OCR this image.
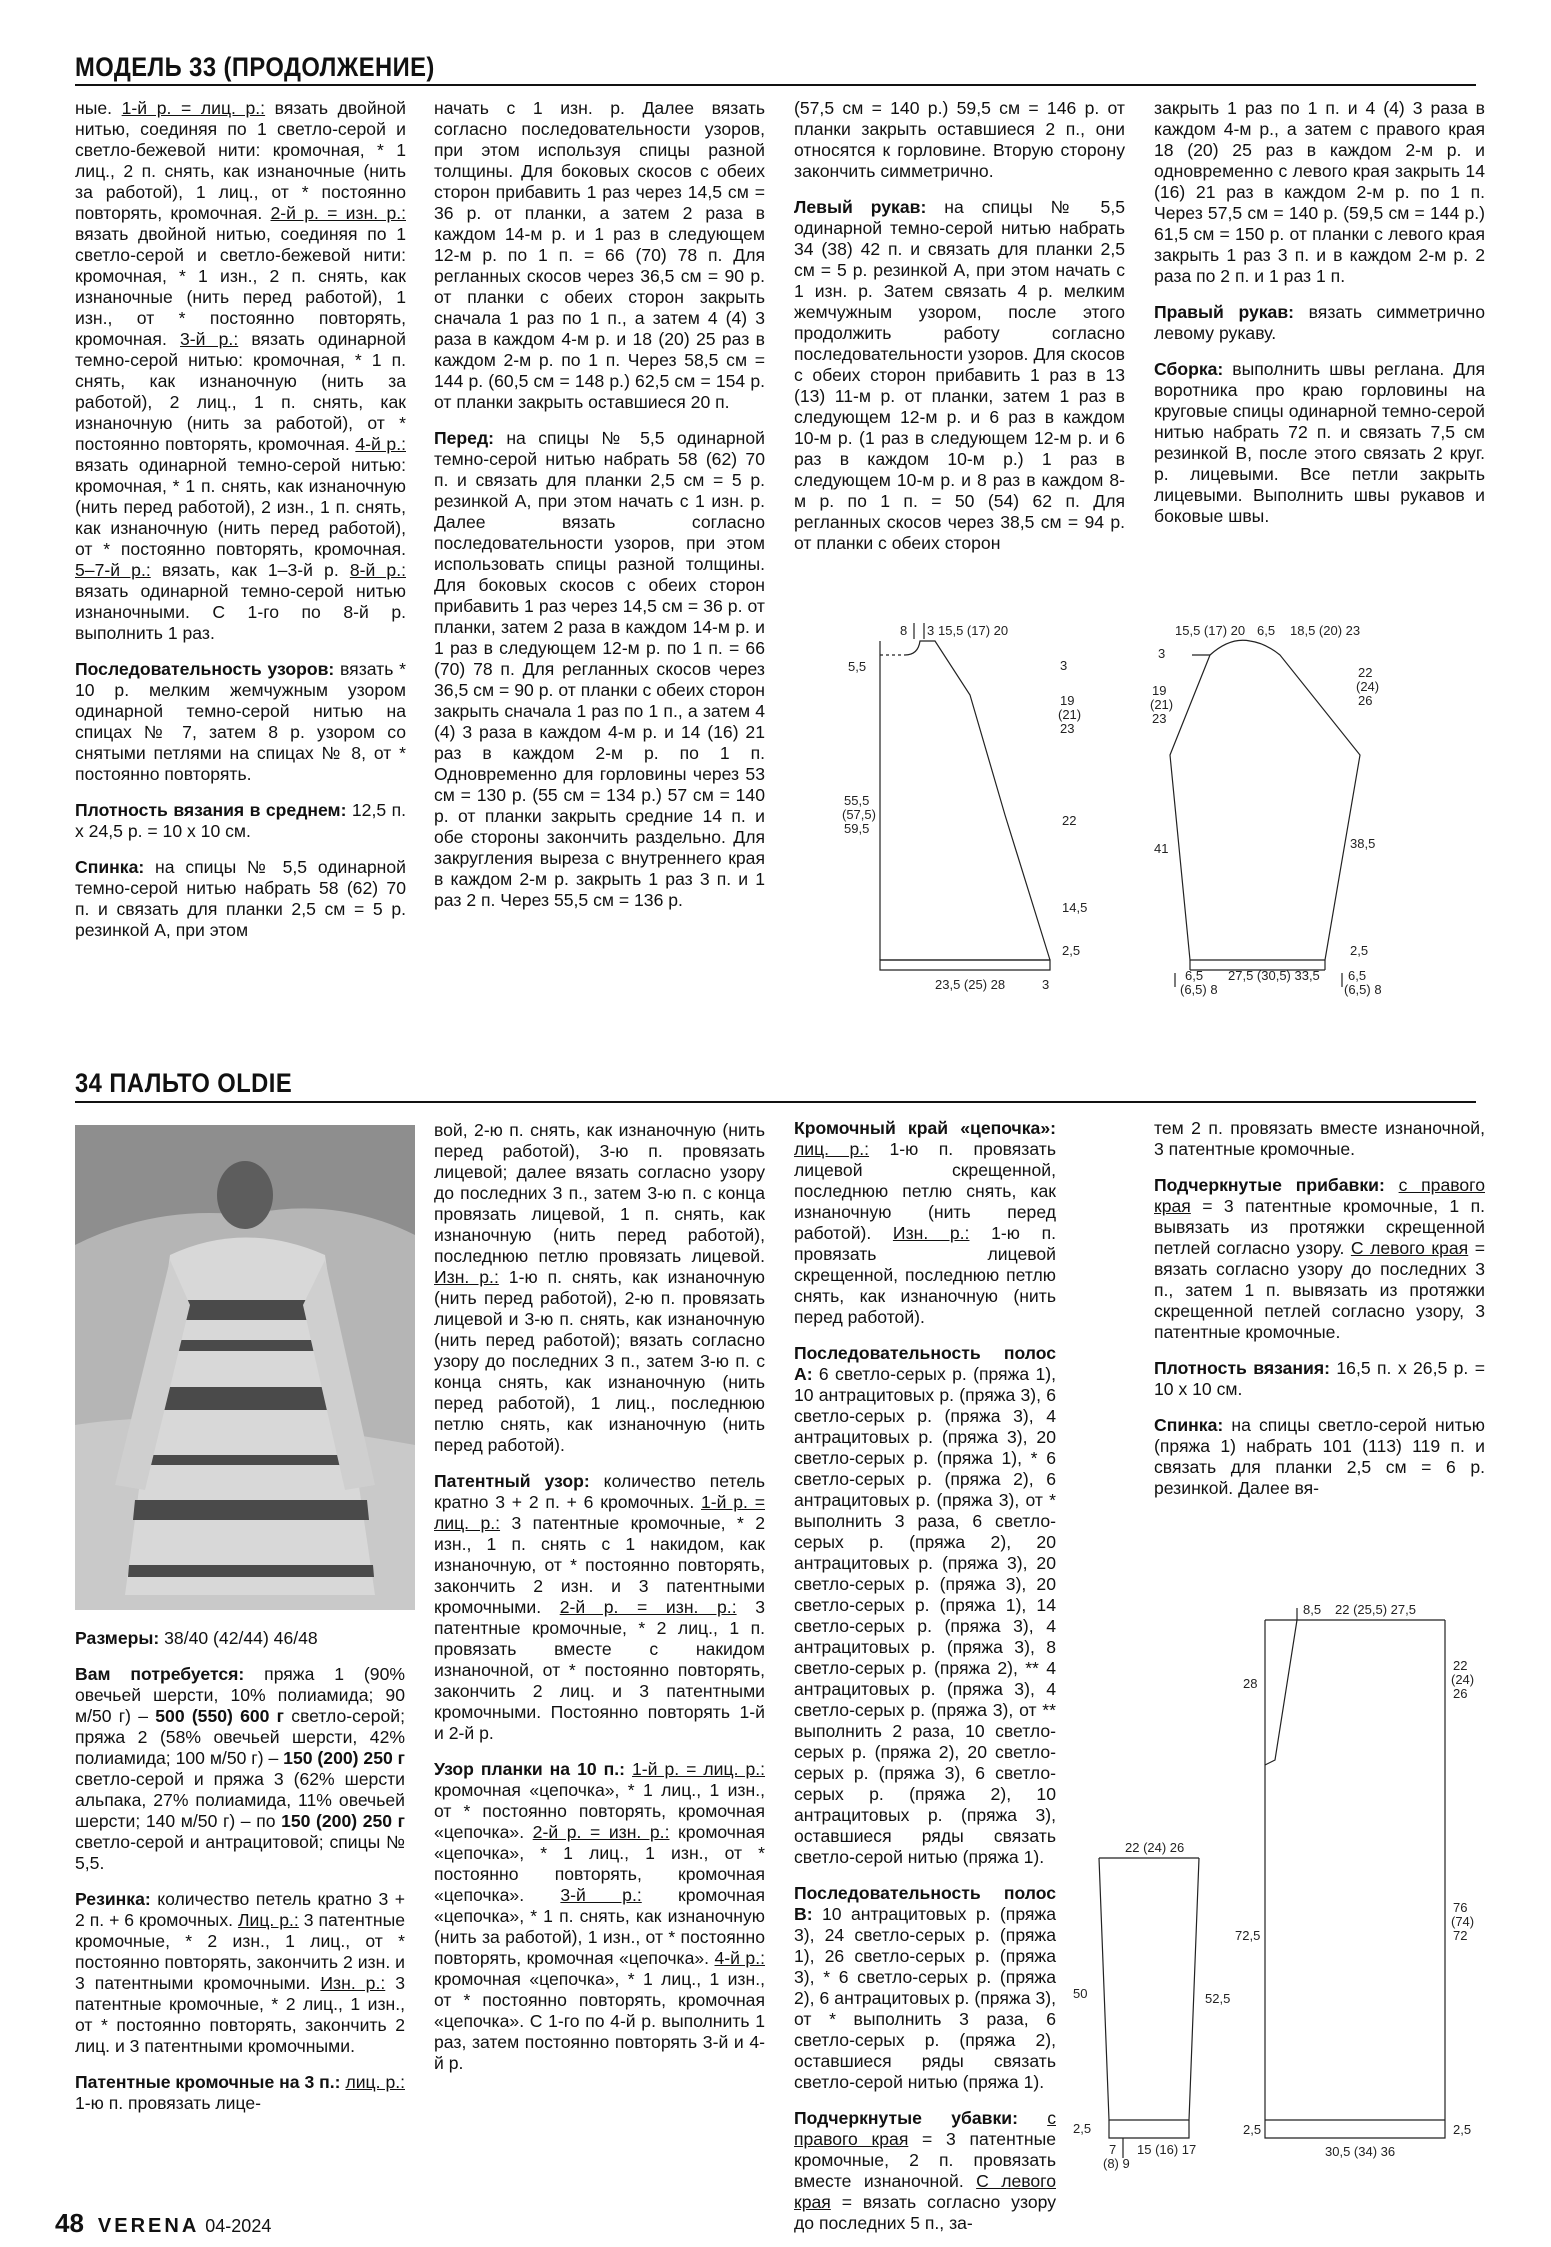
МОДЕЛЬ 33 (ПРОДОЛЖЕНИЕ)

ные. 1-й р. = лиц. р.: вязать двойной нитью, соединяя по 1 светло-серой и светло-бежевой нити: кромочная, * 1 лиц., 2 п. снять, как изнаночные (нить за работой), 1 лиц., от * постоянно повторять, кромочная. 2-й р. = изн. р.: вязать двойной нитью, соединяя по 1 светло-серой и светло-бежевой нити: кромочная, * 1 изн., 2 п. снять, как изнаночные (нить перед работой), 1 изн., от * постоянно повторять, кромочная. 3-й р.: вязать одинарной темно-серой нитью: кромочная, * 1 п. снять, как изнаночную (нить за работой), 2 лиц., 1 п. снять, как изнаночную (нить за работой), от * постоянно повторять, кромочная. 4-й р.: вязать одинарной темно-серой нитью: кромочная, * 1 п. снять, как изнаночную (нить перед работой), 2 изн., 1 п. снять, как изнаночную (нить перед работой), от * постоянно повторять, кромочная. 5–7-й р.: вязать, как 1–3-й р. 8-й р.: вязать одинарной темно-серой нитью изнаночными. С 1-го по 8-й р. выполнить 1 раз.

Последовательность узоров: вязать * 10 р. мелким жемчужным узором одинарной темно-серой нитью на спицах № 7, затем 8 р. узором со снятыми петлями на спицах № 8, от * постоянно повторять.

Плотность вязания в среднем: 12,5 п. х 24,5 р. = 10 х 10 см.

Спинка: на спицы № 5,5 одинарной темно-серой нитью набрать 58 (62) 70 п. и связать для планки 2,5 см = 5 р. резинкой А, при этом

начать с 1 изн. р. Далее вязать согласно последовательности узоров, при этом используя спицы разной толщины. Для боковых скосов с обеих сторон прибавить 1 раз через 14,5 см = 36 р. от планки, а затем 2 раза в каждом 14-м р. и 1 раз в следующем 12-м р. по 1 п. = 66 (70) 78 п. Для регланных скосов через 36,5 см = 90 р. от планки с обеих сторон закрыть сначала 1 раз по 1 п., а затем 4 (4) 3 раза в каждом 4-м р. и 18 (20) 25 раз в каждом 2-м р. по 1 п. Через 58,5 см = 144 р. (60,5 см = 148 р.) 62,5 см = 154 р. от планки закрыть оставшиеся 20 п.

Перед: на спицы № 5,5 одинарной темно-серой нитью набрать 58 (62) 70 п. и связать для планки 2,5 см = 5 р. резинкой А, при этом начать с 1 изн. р. Далее вязать согласно последовательности узоров, при этом использовать спицы разной толщины. Для боковых скосов с обеих сторон прибавить 1 раз через 14,5 см = 36 р. от планки, затем 2 раза в каждом 14-м р. и 1 раз в следующем 12-м р. по 1 п. = 66 (70) 78 п. Для регланных скосов через 36,5 см = 90 р. от планки с обеих сторон закрыть сначала 1 раз по 1 п., а затем 4 (4) 3 раза в каждом 4-м р. и 14 (16) 21 раз в каждом 2-м р. по 1 п. Одновременно для горловины через 53 см = 130 р. (55 см = 134 р.) 57 см = 140 р. от планки закрыть средние 14 п. и обе стороны закончить раздельно. Для закругления выреза с внутреннего края в каждом 2-м р. закрыть 1 раз 3 п. и 1 раз 2 п. Через 55,5 см = 136 р.

(57,5 см = 140 р.) 59,5 см = 146 р. от планки закрыть оставшиеся 2 п., они относятся к горловине. Вторую сторону закончить симметрично.

Левый рукав: на спицы № 5,5 одинарной темно-серой нитью набрать 34 (38) 42 п. и связать для планки 2,5 см = 5 р. резинкой А, при этом начать с 1 изн. р. Затем связать 4 р. мелким жемчужным узором, после этого продолжить работу согласно последовательности узоров. Для скосов с обеих сторон прибавить 1 раз в 13 (13) 11-м р. от планки, затем 1 раз в следующем 12-м р. и 6 раз в каждом 10-м р. (1 раз в следующем 12-м р. и 6 раз в каждом 10-м р.) 1 раз в следующем 10-м р. и 8 раз в каждом 8-м р. по 1 п. = 50 (54) 62 п. Для регланных скосов через 38,5 см = 94 р. от планки с обеих сторон

закрыть 1 раз по 1 п. и 4 (4) 3 раза в каждом 4-м р., а затем с правого края 18 (20) 25 раз в каждом 2-м р. и одновременно с левого края закрыть 14 (16) 21 раз в каждом 2-м р. по 1 п. Через 57,5 см = 140 р. (59,5 см = 144 р.) 61,5 см = 150 р. от планки с левого края закрыть 1 раз 3 п. и в каждом 2-м р. 2 раза по 2 п. и 1 раз 1 п.

Правый рукав: вязать симметрично левому рукаву.

Сборка: выполнить швы реглана. Для воротника про краю горловины на круговые спицы одинарной темно-серой нитью набрать 72 п. и связать 7,5 см резинкой В, после этого связать 2 круг. р. лицевыми. Все петли закрыть лицевыми. Выполнить швы рукавов и боковые швы.

15,5 (17) 20
8 3
5,5	3
19
(21)
23
55,5
(57,5)
59,5
22
14,5
2,5
23,5 (25) 28	3
15,5 (17) 20 6,5 18,5 (20) 23
3
19
(21)
23
22
(24)
26
41	38,5
2,5
6,5
(6,5) 8
27,5 (30,5) 33,5 6,5
(6,5) 8
34 ПАЛЬТО OLDIE

Размеры: 38/40 (42/44) 46/48

Вам потребуется: пряжа 1 (90% овечьей шерсти, 10% полиамида; 90 м/50 г) – 500 (550) 600 г светло-серой; пряжа 2 (58% овечьей шерсти, 42% полиамида; 100 м/50 г) – 150 (200) 250 г светло-серой и пряжа 3 (62% шерсти альпака, 27% полиамида, 11% овечьей шерсти; 140 м/50 г) – по 150 (200) 250 г светло-серой и антрацитовой; спицы № 5,5.

Резинка: количество петель кратно 3 + 2 п. + 6 кромочных. Лиц. р.: 3 патентные кромочные, * 2 изн., 1 лиц., от * постоянно повторять, закончить 2 изн. и 3 патентными кромочными. Изн. р.: 3 патентные кромочные, * 2 лиц., 1 изн., от * постоянно повторять, закончить 2 лиц. и 3 патентными кромочными.

Патентные кромочные на 3 п.: лиц. р.: 1-ю п. провязать лице-

вой, 2-ю п. снять, как изнаночную (нить перед работой), 3-ю п. провязать лицевой; далее вязать согласно узору до последних 3 п., затем 3-ю п. с конца провязать лицевой, 1 п. снять, как изнаночную (нить перед работой), последнюю петлю провязать лицевой. Изн. р.: 1-ю п. снять, как изнаночную (нить перед работой), 2-ю п. провязать лицевой и 3-ю п. снять, как изнаночную (нить перед работой); вязать согласно узору до последних 3 п., затем 3-ю п. с конца снять, как изнаночную (нить перед работой), 1 лиц., последнюю петлю снять, как изнаночную (нить перед работой).

Патентный узор: количество петель кратно 3 + 2 п. + 6 кромочных. 1-й р. = лиц. р.: 3 патентные кромочные, * 2 изн., 1 п. снять с 1 накидом, как изнаночную, от * постоянно повторять, закончить 2 изн. и 3 патентными кромочными. 2-й р. = изн. р.: 3 патентные кромочные, * 2 лиц., 1 п. провязать вместе с накидом изнаночной, от * постоянно повторять, закончить 2 лиц. и 3 патентными кромочными. Постоянно повторять 1-й и 2-й р.

Узор планки на 10 п.: 1-й р. = лиц. р.: кромочная «цепочка», * 1 лиц., 1 изн., от * постоянно повторять, кромочная «цепочка». 2-й р. = изн. р.: кромочная «цепочка», * 1 лиц., 1 изн., от * постоянно повторять, кромочная «цепочка». 3-й р.: кромочная «цепочка», * 1 п. снять, как изнаночную (нить за работой), 1 изн., от * постоянно повторять, кромочная «цепочка». 4-й р.: кромочная «цепочка», * 1 лиц., 1 изн., от * постоянно повторять, кромочная «цепочка». С 1-го по 4-й р. выполнить 1 раз, затем постоянно повторять 3-й и 4-й р.

Кромочный край «цепочка»: лиц. р.: 1-ю п. провязать лицевой скрещенной, последнюю петлю снять, как изнаночную (нить перед работой). Изн. р.: 1-ю п. провязать лицевой скрещенной, последнюю петлю снять, как изнаночную (нить перед работой).

Последовательность полос А: 6 светло-серых р. (пряжа 1), 10 антрацитовых р. (пряжа 3), 6 светло-серых р. (пряжа 3), 4 антрацитовых р. (пряжа 3), 20 светло-серых р. (пряжа 1), * 6 светло-серых р. (пряжа 2), 6 антрацитовых р. (пряжа 3), от * выполнить 3 раза, 6 светло-серых р. (пряжа 2), 20 антрацитовых р. (пряжа 3), 20 светло-серых р. (пряжа 3), 20 светло-серых р. (пряжа 1), 14 светло-серых р. (пряжа 3), 4 антрацитовых р. (пряжа 3), 8 светло-серых р. (пряжа 2), ** 4 антрацитовых р. (пряжа 3), 4 светло-серых р. (пряжа 3), от ** выполнить 2 раза, 10 светло-серых р. (пряжа 2), 20 светло-серых р. (пряжа 3), 6 светло-серых р. (пряжа 2), 10 антрацитовых р. (пряжа 3), оставшиеся ряды связать светло-серой нитью (пряжа 1).

Последовательность полос В: 10 антрацитовых р. (пряжа 3), 24 светло-серых р. (пряжа 1), 26 светло-серых р. (пряжа 3), * 6 светло-серых р. (пряжа 2), 6 антрацитовых р. (пряжа 3), от * выполнить 3 раза, 6 светло-серых р. (пряжа 2), оставшиеся ряды связать светло-серой нитью (пряжа 1).

Подчеркнутые убавки: с правого края = 3 патентные кромочные, 2 п. провязать вместе изнаночной. С левого края = вязать согласно узору до последних 5 п., за-

тем 2 п. провязать вместе изнаночной, 3 патентные кромочные.

Подчеркнутые прибавки: с правого края = 3 патентные кромочные, 1 п. вывязать из протяжки скрещенной петлей согласно узору. С левого края = вязать согласно узору до последних 3 п., затем 1 п. вывязать из протяжки скрещенной петлей согласно узору, 3 патентные кромочные.

Плотность вязания: 16,5 п. х 26,5 р. = 10 х 10 см.

Спинка: на спицы светло-серой нитью (пряжа 1) набрать 101 (113) 119 п. и связать для планки 2,5 см = 6 р. резинкой. Далее вя-

22 (24) 26
50	52,5
2,5
7
(8) 9
15 (16) 17
8,5 22 (25,5) 27,5
28
22
(24)
26
72,5
76
(74)
72
2,5	2,5
30,5 (34) 36
48 VERENA 04-2024
